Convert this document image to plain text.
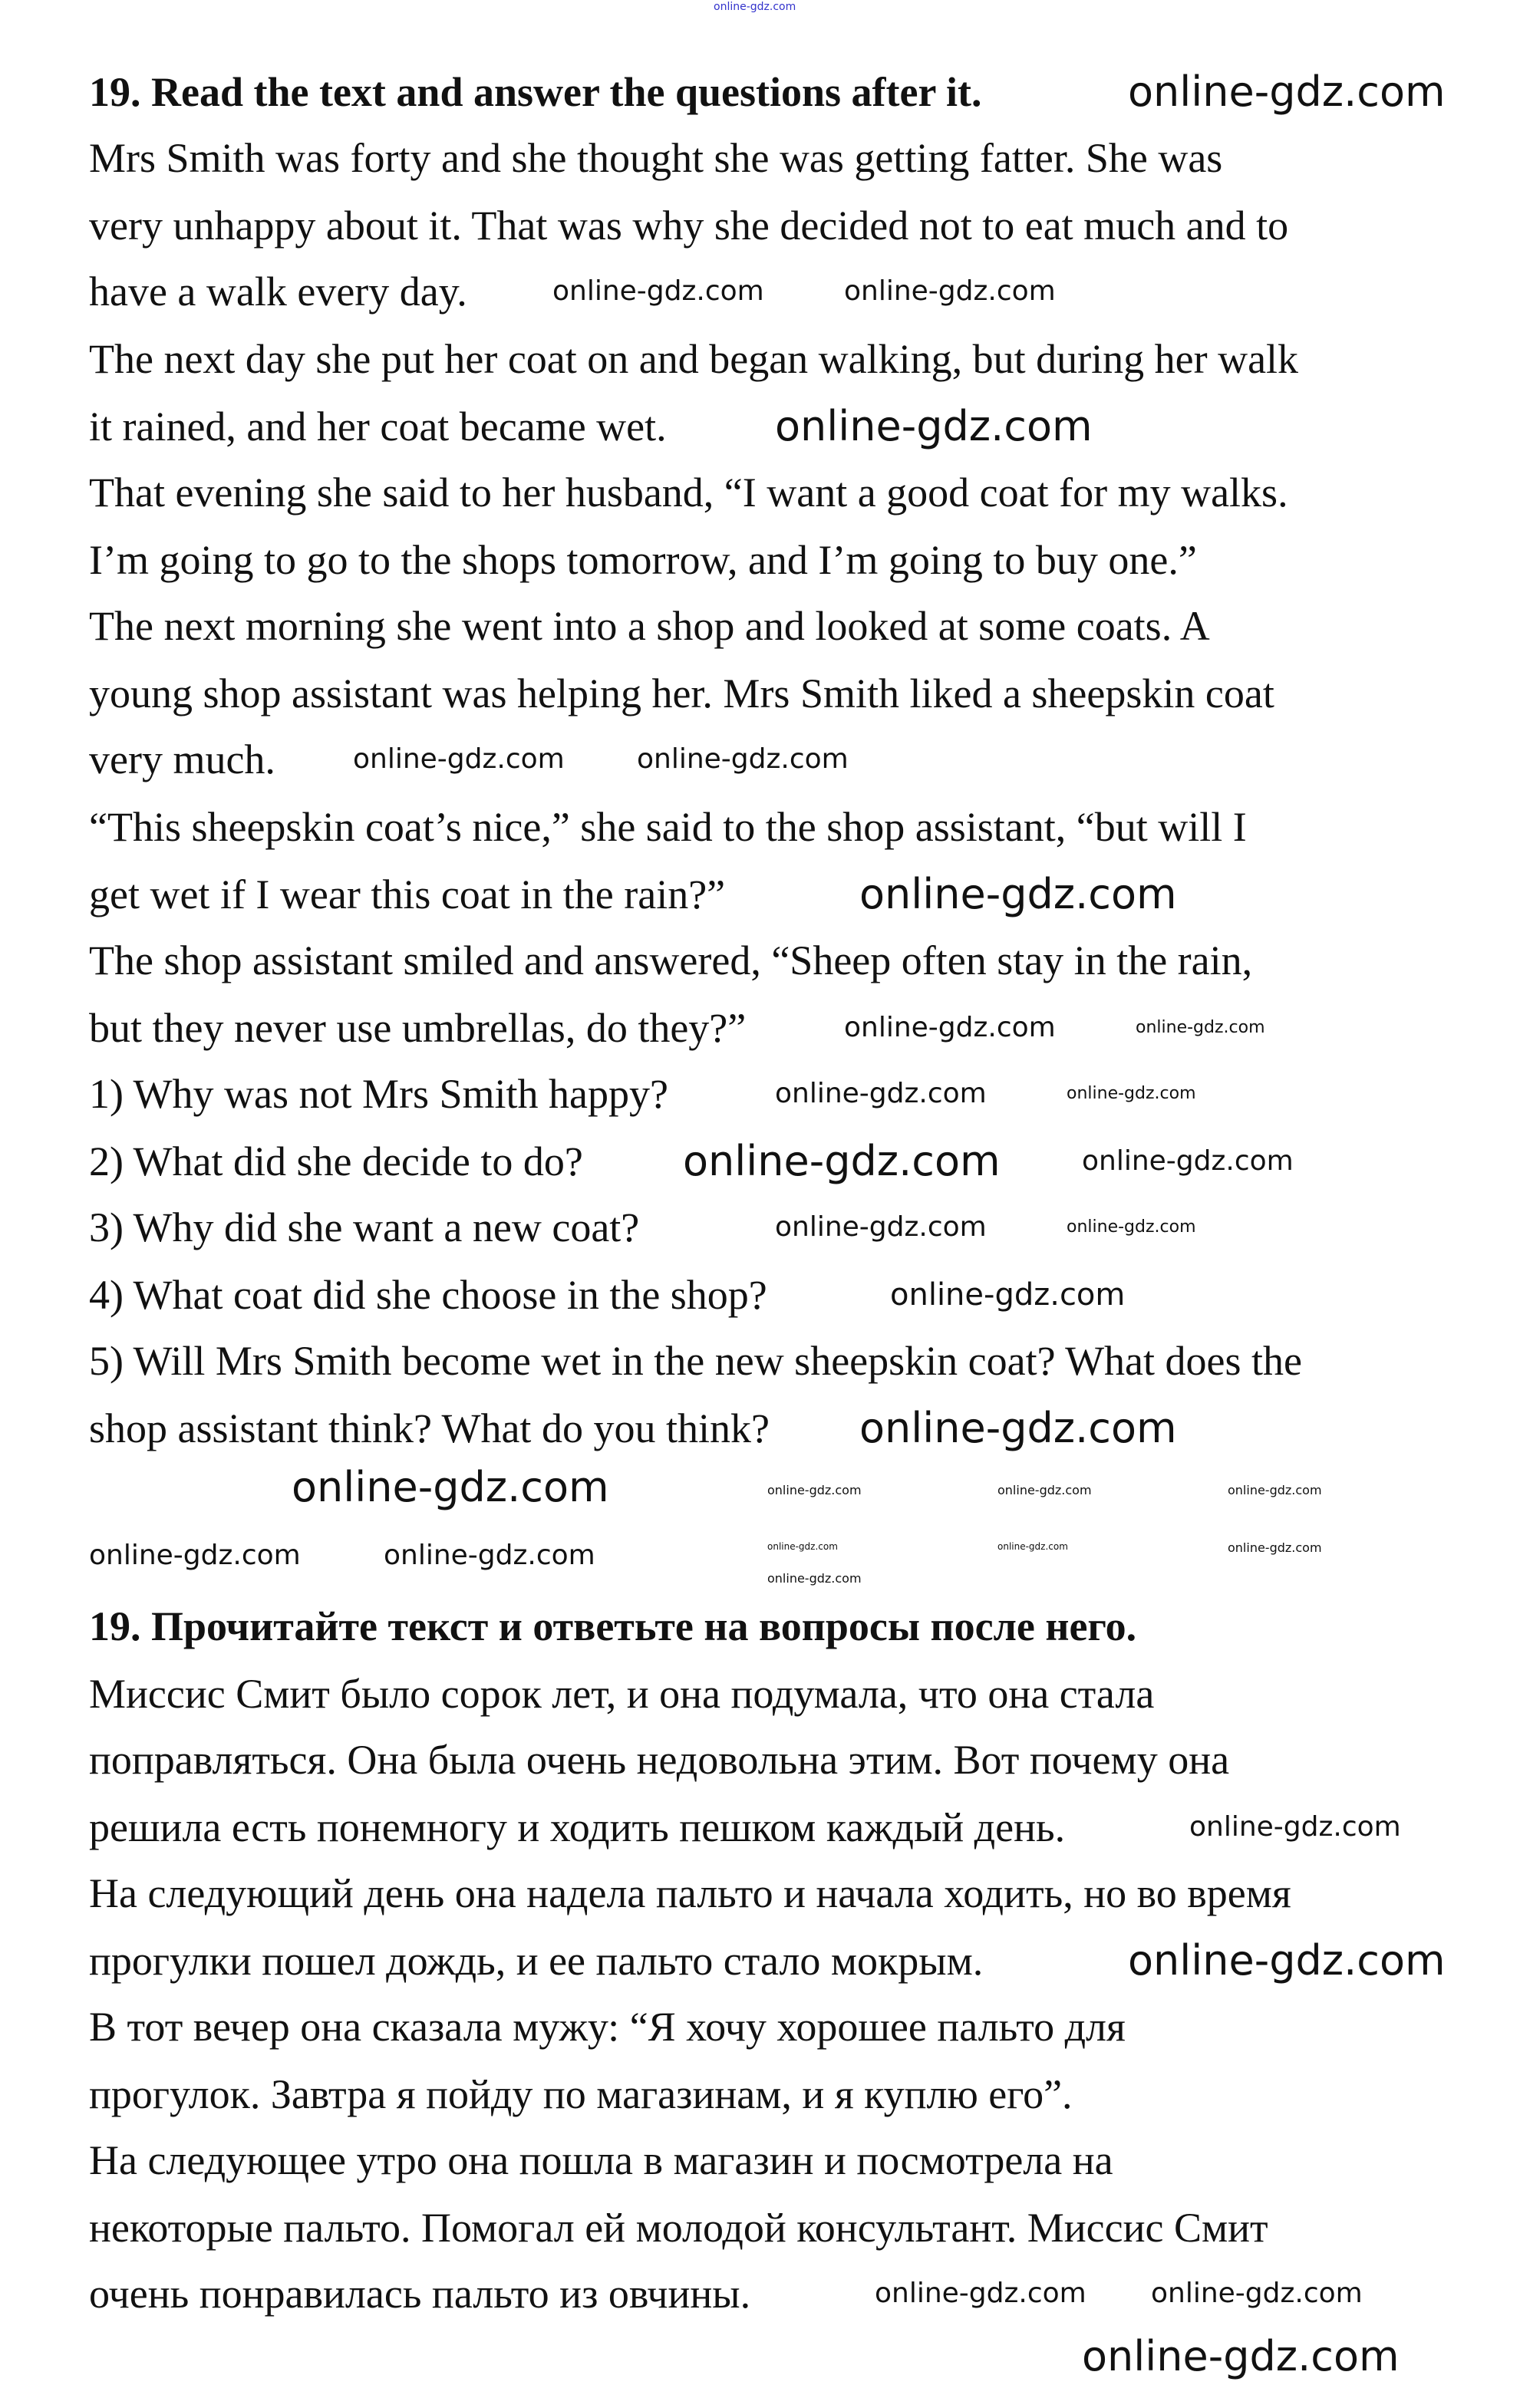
online-gdz.com
19. Read the text and answer the questions after it.
Mrs Smith was forty and she thought she was getting fatter. She was
very unhappy about it. That was why she decided not to eat much and to
have a walk every day.
The next day she put her coat on and began walking, but during her walk
it rained, and her coat became wet.
That evening she said to her husband, “I want a good coat for my walks.
I’m going to go to the shops tomorrow, and I’m going to buy one.”
The next morning she went into a shop and looked at some coats. A
young shop assistant was helping her. Mrs Smith liked a sheepskin coat
very much.
“This sheepskin coat’s nice,” she said to the shop assistant, “but will I
get wet if I wear this coat in the rain?”
The shop assistant smiled and answered, “Sheep often stay in the rain,
but they never use umbrellas, do they?”
1) Why was not Mrs Smith happy?
2) What did she decide to do?
3) Why did she want a new coat?
4) What coat did she choose in the shop?
5) Will Mrs Smith become wet in the new sheepskin coat? What does the
shop assistant think? What do you think?
19. Прочитайте текст и ответьте на вопросы после него.
Миссис Смит было сорок лет, и она подумала, что она стала
поправляться. Она была очень недовольна этим. Вот почему она
решила есть понемногу и ходить пешком каждый день.
На следующий день она надела пальто и начала ходить, но во время
прогулки пошел дождь, и ее пальто стало мокрым.
В тот вечер она сказала мужу: “Я хочу хорошее пальто для
прогулок. Завтра я пойду по магазинам, и я куплю его”.
На следующее утро она пошла в магазин и посмотрела на
некоторые пальто. Помогал ей молодой консультант. Миссис Смит
очень понравилась пальто из овчины.
online-gdz.com
online-gdz.com
online-gdz.com
online-gdz.com
online-gdz.com
online-gdz.com
online-gdz.com
online-gdz.com
online-gdz.com	online-gdz.com
online-gdz.com	online-gdz.com
online-gdz.com
online-gdz.com
online-gdz.com
online-gdz.com
online-gdz.com	online-gdz.com
online-gdz.com
online-gdz.com online-gdz.com
online-gdz.com
online-gdz.com
online-gdz.com
online-gdz.com
online-gdz.com	online-gdz.com
online-gdz.com
online-gdz.com
online-gdz.com	online-gdz.com
online-gdz.com
